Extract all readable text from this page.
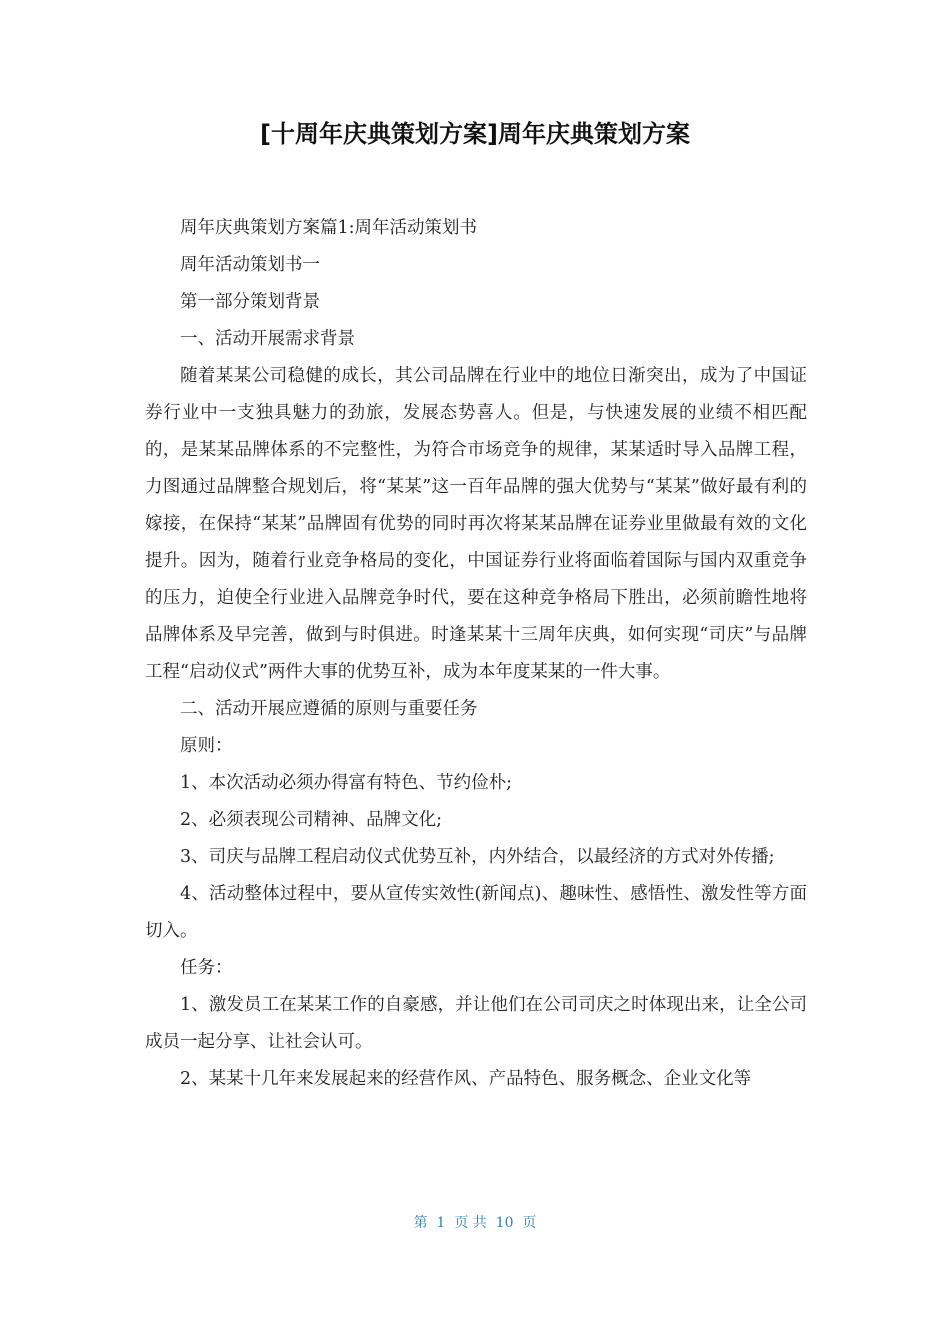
[十周年庆典策划方案]周年庆典策划方案

周年庆典策划方案篇1:周年活动策划书

周年活动策划书一

第一部分策划背景

一、活动开展需求背景

随着某某公司稳健的成长，其公司品牌在行业中的地位日渐突出，成为了中国证券行业中一支独具魅力的劲旅，发展态势喜人。但是，与快速发展的业绩不相匹配的，是某某品牌体系的不完整性，为符合市场竞争的规律，某某适时导入品牌工程，力图通过品牌整合规划后，将“某某”这一百年品牌的强大优势与“某某”做好最有利的嫁接，在保持“某某”品牌固有优势的同时再次将某某品牌在证券业里做最有效的文化提升。因为，随着行业竞争格局的变化，中国证券行业将面临着国际与国内双重竞争的压力，迫使全行业进入品牌竞争时代，要在这种竞争格局下胜出，必须前瞻性地将品牌体系及早完善，做到与时俱进。时逢某某十三周年庆典，如何实现“司庆”与品牌工程“启动仪式”两件大事的优势互补，成为本年度某某的一件大事。

二、活动开展应遵循的原则与重要任务

原则：

1、本次活动必须办得富有特色、节约俭朴;

2、必须表现公司精神、品牌文化;

3、司庆与品牌工程启动仪式优势互补，内外结合，以最经济的方式对外传播;

4、活动整体过程中，要从宣传实效性(新闻点)、趣味性、感悟性、激发性等方面切入。

任务：

1、激发员工在某某工作的自豪感，并让他们在公司司庆之时体现出来，让全公司成员一起分享、让社会认可。

2、某某十几年来发展起来的经营作风、产品特色、服务概念、企业文化等

第  1  页 共  10  页
